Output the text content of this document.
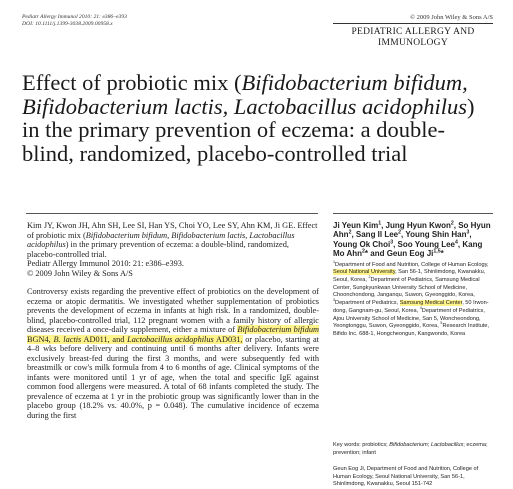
Pediatr Allergy Immunol 2010: 21: e386–e393
DOI: 10.1111/j.1399-3038.2009.00958.x
© 2009 John Wiley & Sons A/S
PEDIATRIC ALLERGY AND
IMMUNOLOGY
Effect of probiotic mix (Bifidobacterium bifidum, Bifidobacterium lactis, Lactobacillus acidophilus) in the primary prevention of eczema: a double-blind, randomized, placebo-controlled trial

Kim JY, Kwon JH, Ahn SH, Lee SI, Han YS, Choi YO, Lee SY, Ahn KM, Ji GE. Effect of probiotic mix (Bifidobacterium bifidum, Bifidobacterium lactis, Lactobacillus acidophilus) in the primary prevention of eczema: a double-blind, randomized, placebo-controlled trial.
Pediatr Allergy Immunol 2010: 21: e386–e393.
© 2009 John Wiley & Sons A/S

Controversy exists regarding the preventive effect of probiotics on the development of eczema or atopic dermatitis. We investigated whether supplementation of probiotics prevents the development of eczema in infants at high risk. In a randomized, double-blind, placebo-controlled trial, 112 pregnant women with a family history of allergic diseases received a once-daily supplement, either a mixture of Bifidobacterium bifidum BGN4, B. lactis AD011, and Lactobacillus acidophilus AD031, or placebo, starting at 4–8 wks before delivery and continuing until 6 months after delivery. Infants were exclusively breast-fed during the first 3 months, and were subsequently fed with breastmilk or cow's milk formula from 4 to 6 months of age. Clinical symptoms of the infants were monitored until 1 yr of age, when the total and specific IgE against common food allergens were measured. A total of 68 infants completed the study. The prevalence of eczema at 1 yr in the probiotic group was significantly lower than in the placebo group (18.2% vs. 40.0%, p = 0.048). The cumulative incidence of eczema during the first

Ji Yeun Kim$^1$, Jung Hyun Kwon$^2$, So Hyun Ahn$^2$, Sang Il Lee$^2$, Young Shin Han$^3$, Young Ok Choi$^3$, Soo Young Lee$^4$, Kang Mo Ahn$^2$* and Geun Eog Ji$^{1,5}$*

$^1$Department of Food and Nutrition, College of Human Ecology, Seoul National University, San 56-1, Shinlimdong, Kwanakku, Seoul, Korea, $^2$Department of Pediatrics, Samsung Medical Center, Sungkyunkwan University School of Medicine, Choonchondong, Janganqu, Suwon, Gyeonggido, Korea, $^3$Department of Pediatrics, Samsung Medical Center, 50 Irwon-dong, Gangnam-gu, Seoul, Korea, $^4$Department of Pediatrics, Ajou University School of Medicine, San 5, Woncheondong, Yeongtonggu, Suwon, Gyeonggido, Korea, $^5$Research Institute, Bifido Inc. 688-1, Hongcheongun, Kangwondo, Korea

Key words: probiotics; Bifidobacterium; Lactobacillus; eczema; prevention; infant

Geun Eog Ji, Department of Food and Nutrition, College of Human Ecology, Seoul National University, San 56-1, Shinlimdong, Kwanakku, Seoul 151-742
